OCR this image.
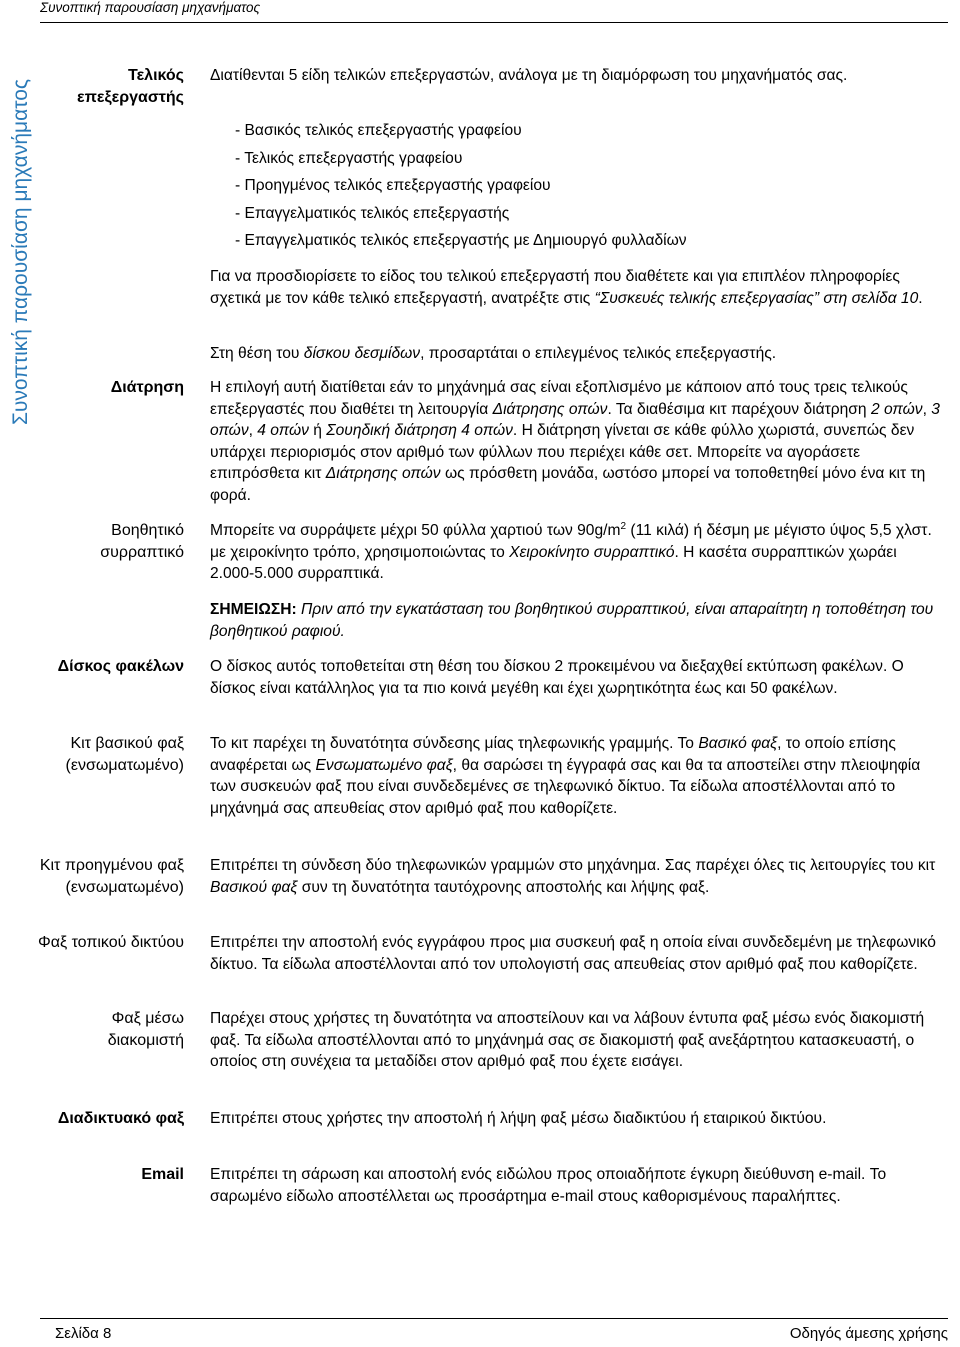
Συνοπτική παρουσίαση μηχανήματος
Συνοπτική παρουσίαση μηχανήματος
Τελικός επεξεργαστής

Διατίθενται 5 είδη τελικών επεξεργαστών, ανάλογα με τη διαμόρφωση του μηχανήματός σας.

- Βασικός τελικός επεξεργαστής γραφείου
- Τελικός επεξεργαστής γραφείου
- Προηγμένος τελικός επεξεργαστής γραφείου
- Επαγγελματικός τελικός επεξεργαστής
- Επαγγελματικός τελικός επεξεργαστής με Δημιουργό φυλλαδίων

Για να προσδιορίσετε το είδος του τελικού επεξεργαστή που διαθέτετε και για επιπλέον πληροφορίες σχετικά με τον κάθε τελικό επεξεργαστή, ανατρέξτε στις “Συσκευές τελικής επεξεργασίας” στη σελίδα 10.

Στη θέση του δίσκου δεσμίδων, προσαρτάται ο επιλεγμένος τελικός επεξεργαστής.

Διάτρηση Η επιλογή αυτή διατίθεται εάν το μηχάνημά σας είναι εξοπλισμένο με κάποιον από τους τρεις τελικούς επεξεργαστές που διαθέτει τη λειτουργία Διάτρησης οπών. Τα διαθέσιμα κιτ παρέχουν διάτρηση 2 οπών, 3 οπών, 4 οπών ή Σουηδική διάτρηση 4 οπών. Η διάτρηση γίνεται σε κάθε φύλλο χωριστά, συνεπώς δεν υπάρχει περιορισμός στον αριθμό των φύλλων που περιέχει κάθε σετ. Μπορείτε να αγοράσετε επιπρόσθετα κιτ Διάτρησης οπών ως πρόσθετη μονάδα, ωστόσο μπορεί να τοποθετηθεί μόνο ένα κιτ τη φορά.

Βοηθητικό συρραπτικό

Μπορείτε να συρράψετε μέχρι 50 φύλλα χαρτιού των $90g/m^2$ (11 κιλά) ή δέσμη με μέγιστο ύψος 5,5 χλστ. με χειροκίνητο τρόπο, χρησιμοποιώντας το Χειροκίνητο συρραπτικό. Η κασέτα συρραπτικών χωράει 2.000-5.000 συρραπτικά.

ΣΗΜΕΙΩΣΗ: Πριν από την εγκατάσταση του βοηθητικού συρραπτικού, είναι απαραίτητη η τοποθέτηση του βοηθητικού ραφιού.

Δίσκος φακέλων Ο δίσκος αυτός τοποθετείται στη θέση του δίσκου 2 προκειμένου να διεξαχθεί εκτύπωση φακέλων. Ο δίσκος είναι κατάλληλος για τα πιο κοινά μεγέθη και έχει χωρητικότητα έως και 50 φακέλων.

Κιτ βασικού φαξ (ενσωματωμένο)

Το κιτ παρέχει τη δυνατότητα σύνδεσης μίας τηλεφωνικής γραμμής. Το Βασικό φαξ, το οποίο επίσης αναφέρεται ως Ενσωματωμένο φαξ, θα σαρώσει τη έγγραφά σας και θα τα αποστείλει στην πλειοψηφία των συσκευών φαξ που είναι συνδεδεμένες σε τηλεφωνικό δίκτυο. Τα είδωλα αποστέλλονται από το μηχάνημά σας απευθείας στον αριθμό φαξ που καθορίζετε.

Κιτ προηγμένου φαξ (ενσωματωμένο)

Επιτρέπει τη σύνδεση δύο τηλεφωνικών γραμμών στο μηχάνημα. Σας παρέχει όλες τις λειτουργίες του κιτ Βασικού φαξ συν τη δυνατότητα ταυτόχρονης αποστολής και λήψης φαξ.

Φαξ τοπικού δικτύου Επιτρέπει την αποστολή ενός εγγράφου προς μια συσκευή φαξ η οποία είναι συνδεδεμένη με τηλεφωνικό δίκτυο. Τα είδωλα αποστέλλονται από τον υπολογιστή σας απευθείας στον αριθμό φαξ που καθορίζετε.

Φαξ μέσω διακομιστή

Παρέχει στους χρήστες τη δυνατότητα να αποστείλουν και να λάβουν έντυπα φαξ μέσω ενός διακομιστή φαξ. Τα είδωλα αποστέλλονται από το μηχάνημά σας σε διακομιστή φαξ ανεξάρτητου κατασκευαστή, ο οποίος στη συνέχεια τα μεταδίδει στον αριθμό φαξ που έχετε εισάγει.

Διαδικτυακό φαξ Επιτρέπει στους χρήστες την αποστολή ή λήψη φαξ μέσω διαδικτύου ή εταιρικού δικτύου.

Email Επιτρέπει τη σάρωση και αποστολή ενός ειδώλου προς οποιαδήποτε έγκυρη διεύθυνση e-mail. Το σαρωμένο είδωλο αποστέλλεται ως προσάρτημα e-mail στους καθορισμένους παραλήπτες.

Σελίδα 8	Οδηγός άμεσης χρήσης
